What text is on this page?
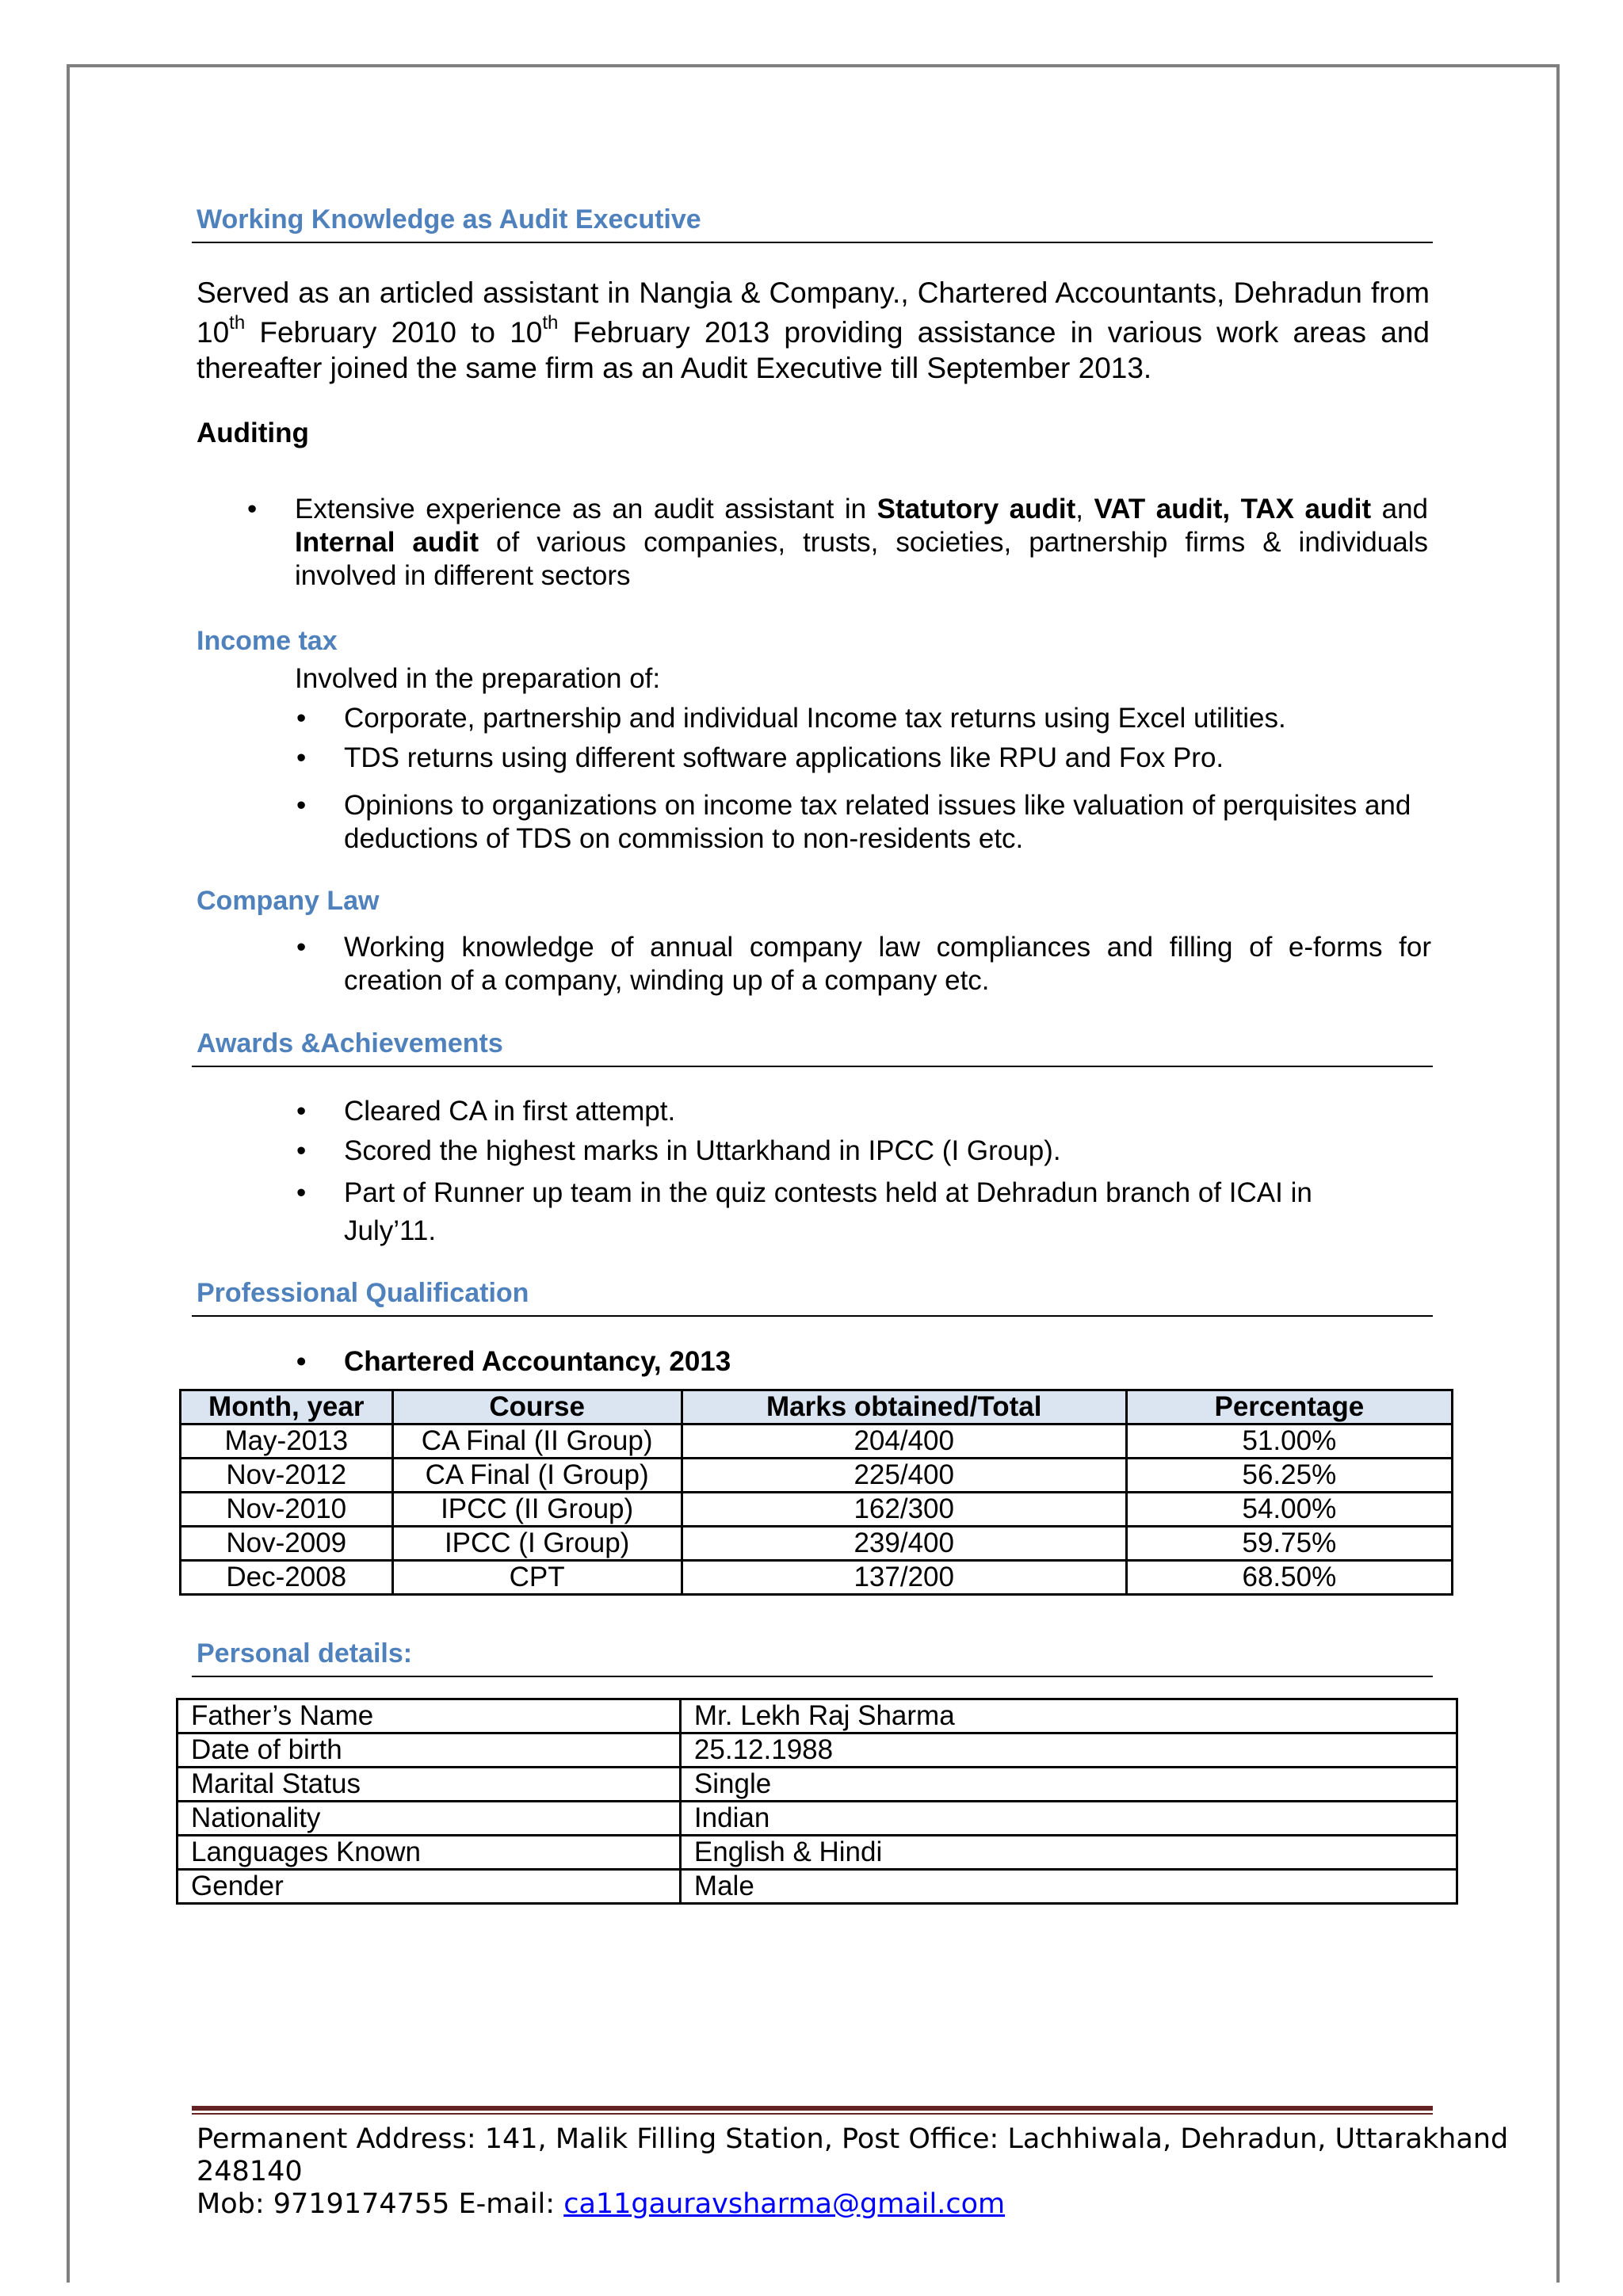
Working Knowledge as Audit Executive
Served as an articled assistant in Nangia & Company., Chartered Accountants, Dehradun from
10th February 2010 to 10th February 2013 providing assistance in various work areas and
thereafter joined the same firm as an Audit Executive till September 2013.
Auditing
• Extensive experience as an audit assistant in Statutory audit, VAT audit, TAX audit and Internal audit of various companies, trusts, societies, partnership firms & individuals involved in different sectors
Income tax
Involved in the preparation of:
• Corporate, partnership and individual Income tax returns using Excel utilities.
• TDS returns using different software applications like RPU and Fox Pro.
• Opinions to organizations on income tax related issues like valuation of perquisites and deductions of TDS on commission to non-residents etc.
Company Law
• Working knowledge of annual company law compliances and filling of e-forms for creation of a company, winding up of a company etc.
Awards &Achievements
• Cleared CA in first attempt.
• Scored the highest marks in Uttarkhand in IPCC (I Group).
• Part of Runner up team in the quiz contests held at Dehradun branch of ICAI in July’11.
Professional Qualification
• Chartered Accountancy, 2013
Month, year	Course	Marks obtained/Total	Percentage
May-2013	CA Final (II Group)	204/400	51.00%
Nov-2012	CA Final (I Group)	225/400	56.25%
Nov-2010	IPCC (II Group)	162/300	54.00%
Nov-2009	IPCC (I Group)	239/400	59.75%
Dec-2008	CPT	137/200	68.50%
Personal details:
Father’s Name	Mr. Lekh Raj Sharma
Date of birth	25.12.1988
Marital Status	Single
Nationality	Indian
Languages Known	English & Hindi
Gender	Male
Permanent Address: 141, Malik Filling Station, Post Office: Lachhiwala, Dehradun, Uttarakhand
248140
Mob: 9719174755 E-mail: ca11gauravsharma@gmail.com
